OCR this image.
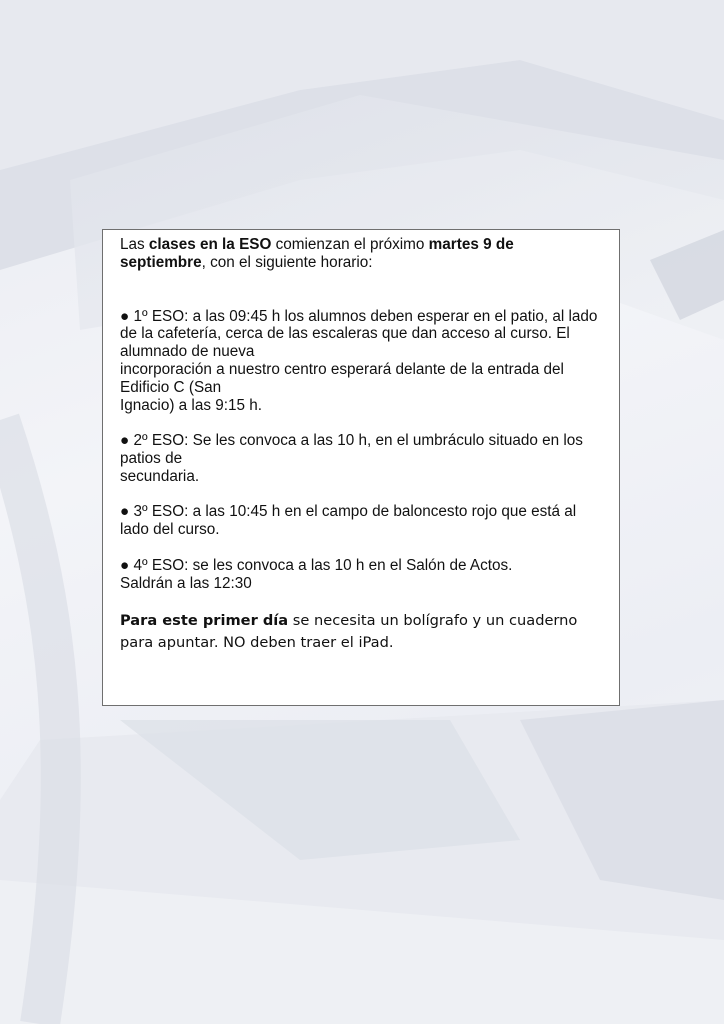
Las clases en la ESO comienzan el próximo martes 9 de septiembre, con el siguiente horario:

● 1º ESO: a las 09:45 h los alumnos deben esperar en el patio, al lado de la cafetería, cerca de las escaleras que dan acceso al curso. El alumnado de nueva
incorporación a nuestro centro esperará delante de la entrada del Edificio C (San
Ignacio) a las 9:15 h.

● 2º ESO: Se les convoca a las 10 h, en el umbráculo situado en los patios de
secundaria.

● 3º ESO: a las 10:45 h en el campo de baloncesto rojo que está al lado del curso.

● 4º ESO: se les convoca a las 10 h en el Salón de Actos.
Saldrán a las 12:30

Para este primer día se necesita un bolígrafo y un cuaderno para apuntar. NO deben traer el iPad.
